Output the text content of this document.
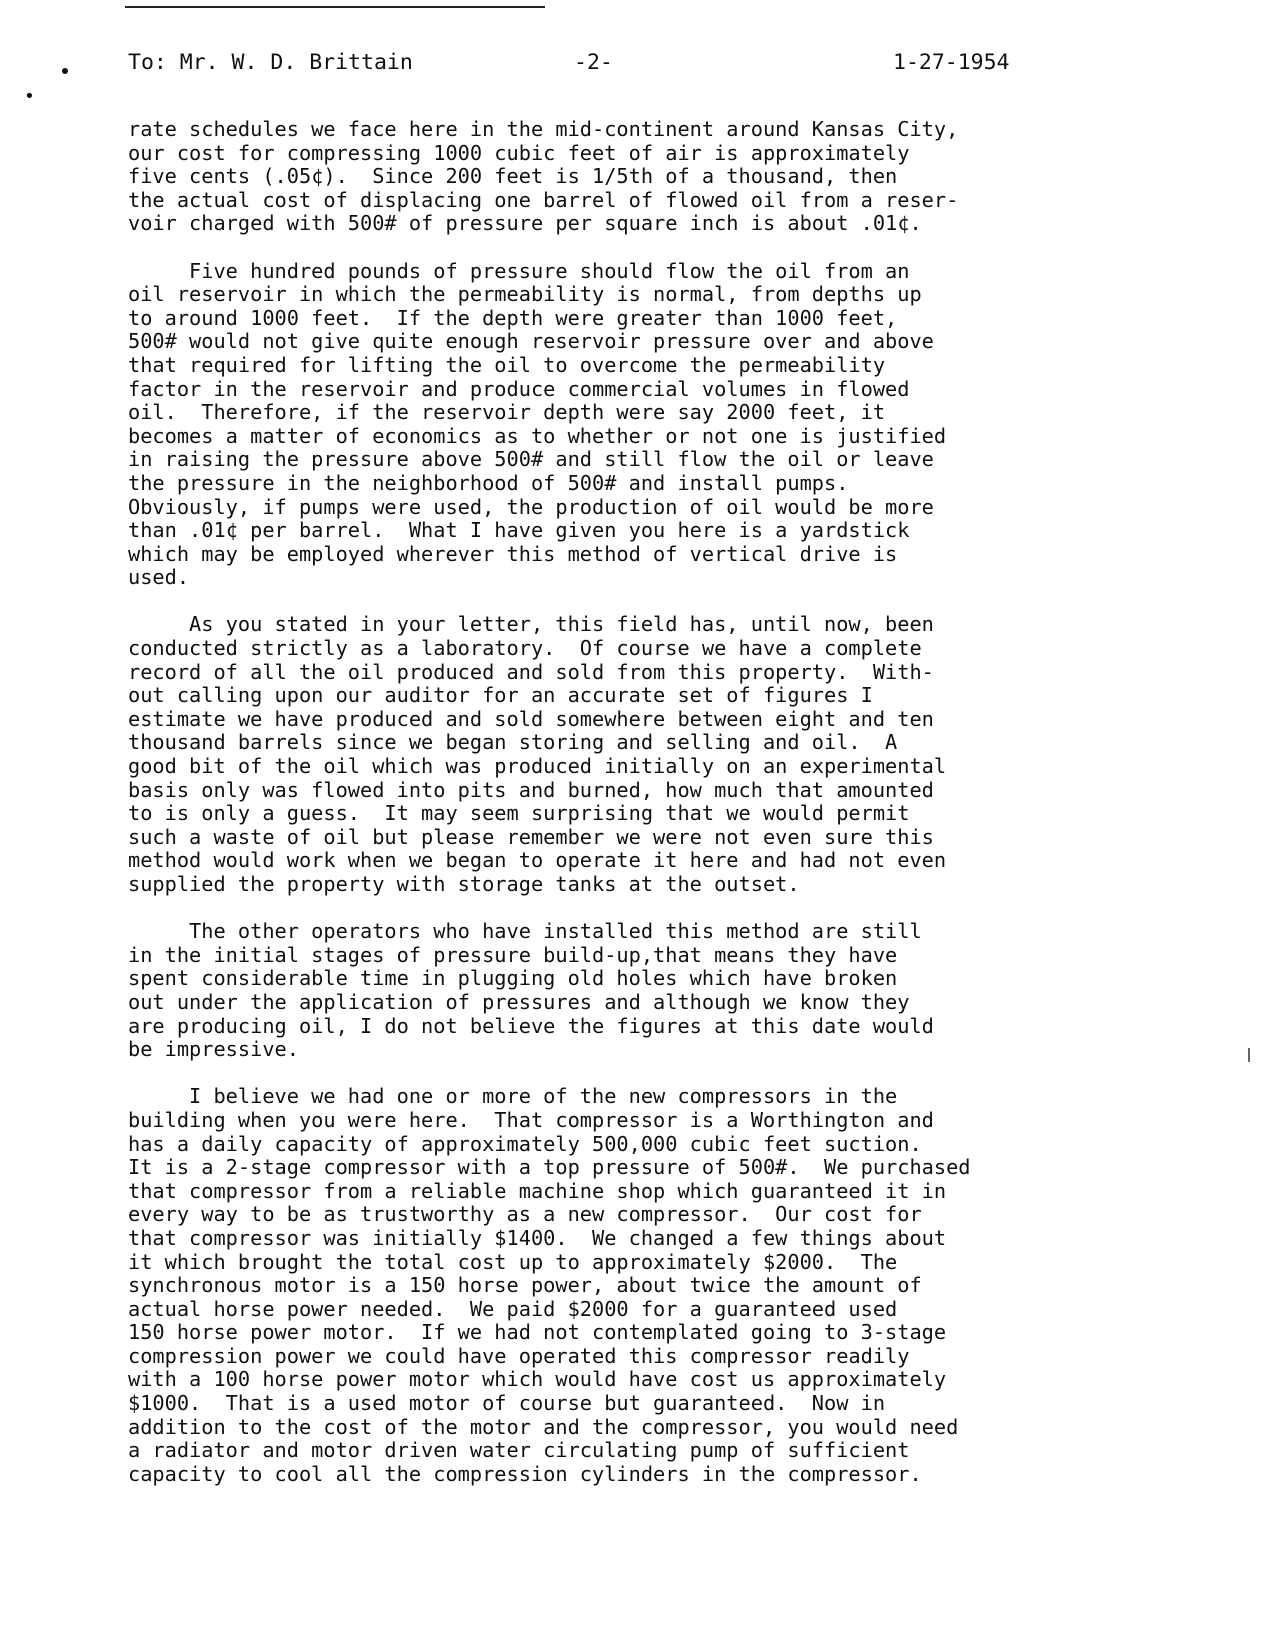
•
To: Mr. W. D. Brittain	-2-	1-27-1954
rate schedules we face here in the mid-continent around Kansas City,
our cost for compressing 1000 cubic feet of air is approximately
five cents (.05¢).  Since 200 feet is 1/5th of a thousand, then
the actual cost of displacing one barrel of flowed oil from a reser-
voir charged with 500# of pressure per square inch is about .01¢.
Five hundred pounds of pressure should flow the oil from an
oil reservoir in which the permeability is normal, from depths up
to around 1000 feet.  If the depth were greater than 1000 feet,
500# would not give quite enough reservoir pressure over and above
that required for lifting the oil to overcome the permeability
factor in the reservoir and produce commercial volumes in flowed
oil.  Therefore, if the reservoir depth were say 2000 feet, it
becomes a matter of economics as to whether or not one is justified
in raising the pressure above 500# and still flow the oil or leave
the pressure in the neighborhood of 500# and install pumps.
Obviously, if pumps were used, the production of oil would be more
than .01¢ per barrel.  What I have given you here is a yardstick
which may be employed wherever this method of vertical drive is
used.
As you stated in your letter, this field has, until now, been
conducted strictly as a laboratory.  Of course we have a complete
record of all the oil produced and sold from this property.  With-
out calling upon our auditor for an accurate set of figures I
estimate we have produced and sold somewhere between eight and ten
thousand barrels since we began storing and selling and oil.  A
good bit of the oil which was produced initially on an experimental
basis only was flowed into pits and burned, how much that amounted
to is only a guess.  It may seem surprising that we would permit
such a waste of oil but please remember we were not even sure this
method would work when we began to operate it here and had not even
supplied the property with storage tanks at the outset.
The other operators who have installed this method are still
in the initial stages of pressure build-up,that means they have
spent considerable time in plugging old holes which have broken
out under the application of pressures and although we know they
are producing oil, I do not believe the figures at this date would
be impressive.
I believe we had one or more of the new compressors in the
building when you were here.  That compressor is a Worthington and
has a daily capacity of approximately 500,000 cubic feet suction.
It is a 2-stage compressor with a top pressure of 500#.  We purchased
that compressor from a reliable machine shop which guaranteed it in
every way to be as trustworthy as a new compressor.  Our cost for
that compressor was initially $1400.  We changed a few things about
it which brought the total cost up to approximately $2000.  The
synchronous motor is a 150 horse power, about twice the amount of
actual horse power needed.  We paid $2000 for a guaranteed used
150 horse power motor.  If we had not contemplated going to 3-stage
compression power we could have operated this compressor readily
with a 100 horse power motor which would have cost us approximately
$1000.  That is a used motor of course but guaranteed.  Now in
addition to the cost of the motor and the compressor, you would need
a radiator and motor driven water circulating pump of sufficient
capacity to cool all the compression cylinders in the compressor.
